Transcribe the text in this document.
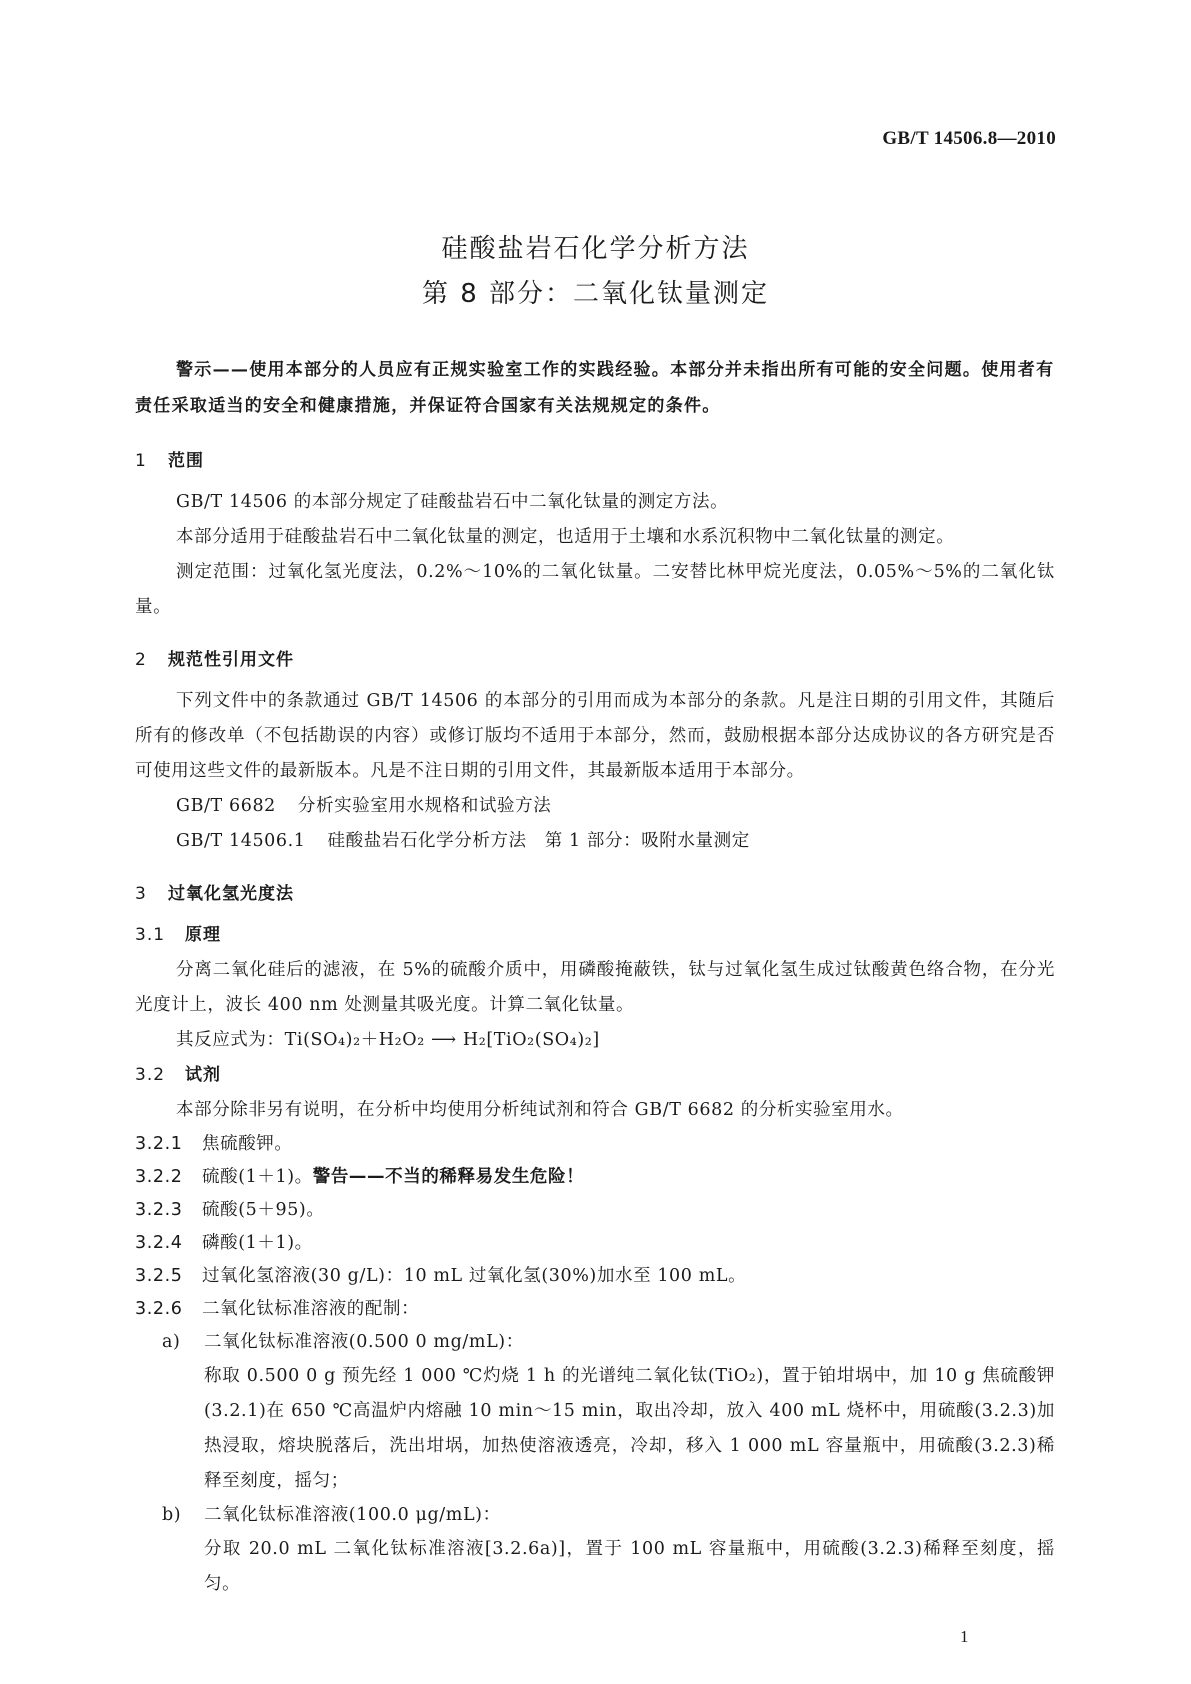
GB/T 14506.8—2010
硅酸盐岩石化学分析方法
第 8 部分：二氧化钛量测定

警示——使用本部分的人员应有正规实验室工作的实践经验。本部分并未指出所有可能的安全问题。使用者有责任采取适当的安全和健康措施，并保证符合国家有关法规规定的条件。

1 范围

GB/T 14506 的本部分规定了硅酸盐岩石中二氧化钛量的测定方法。

本部分适用于硅酸盐岩石中二氧化钛量的测定，也适用于土壤和水系沉积物中二氧化钛量的测定。

测定范围：过氧化氢光度法，0.2%～10%的二氧化钛量。二安替比林甲烷光度法，0.05%～5%的二氧化钛量。

2 规范性引用文件

下列文件中的条款通过 GB/T 14506 的本部分的引用而成为本部分的条款。凡是注日期的引用文件，其随后所有的修改单（不包括勘误的内容）或修订版均不适用于本部分，然而，鼓励根据本部分达成协议的各方研究是否可使用这些文件的最新版本。凡是不注日期的引用文件，其最新版本适用于本部分。

GB/T 6682 分析实验室用水规格和试验方法

GB/T 14506.1 硅酸盐岩石化学分析方法　第 1 部分：吸附水量测定

3 过氧化氢光度法

3.1 原理

分离二氧化硅后的滤液，在 5%的硫酸介质中，用磷酸掩蔽铁，钛与过氧化氢生成过钛酸黄色络合物，在分光光度计上，波长 400 nm 处测量其吸光度。计算二氧化钛量。

其反应式为：Ti(SO₄)₂＋H₂O₂ ⟶ H₂[TiO₂(SO₄)₂]

3.2 试剂

本部分除非另有说明，在分析中均使用分析纯试剂和符合 GB/T 6682 的分析实验室用水。

3.2.1 焦硫酸钾。

3.2.2 硫酸(1＋1)。警告——不当的稀释易发生危险！

3.2.3 硫酸(5＋95)。

3.2.4 磷酸(1＋1)。

3.2.5 过氧化氢溶液(30 g/L)：10 mL 过氧化氢(30%)加水至 100 mL。

3.2.6 二氧化钛标准溶液的配制：

a) 二氧化钛标准溶液(0.500 0 mg/mL)：

称取 0.500 0 g 预先经 1 000 ℃灼烧 1 h 的光谱纯二氧化钛(TiO₂)，置于铂坩埚中，加 10 g 焦硫酸钾(3.2.1)在 650 ℃高温炉内熔融 10 min～15 min，取出冷却，放入 400 mL 烧杯中，用硫酸(3.2.3)加热浸取，熔块脱落后，洗出坩埚，加热使溶液透亮，冷却，移入 1 000 mL 容量瓶中，用硫酸(3.2.3)稀释至刻度，摇匀；

b) 二氧化钛标准溶液(100.0 μg/mL)：

分取 20.0 mL 二氧化钛标准溶液[3.2.6a)]，置于 100 mL 容量瓶中，用硫酸(3.2.3)稀释至刻度，摇匀。

1
